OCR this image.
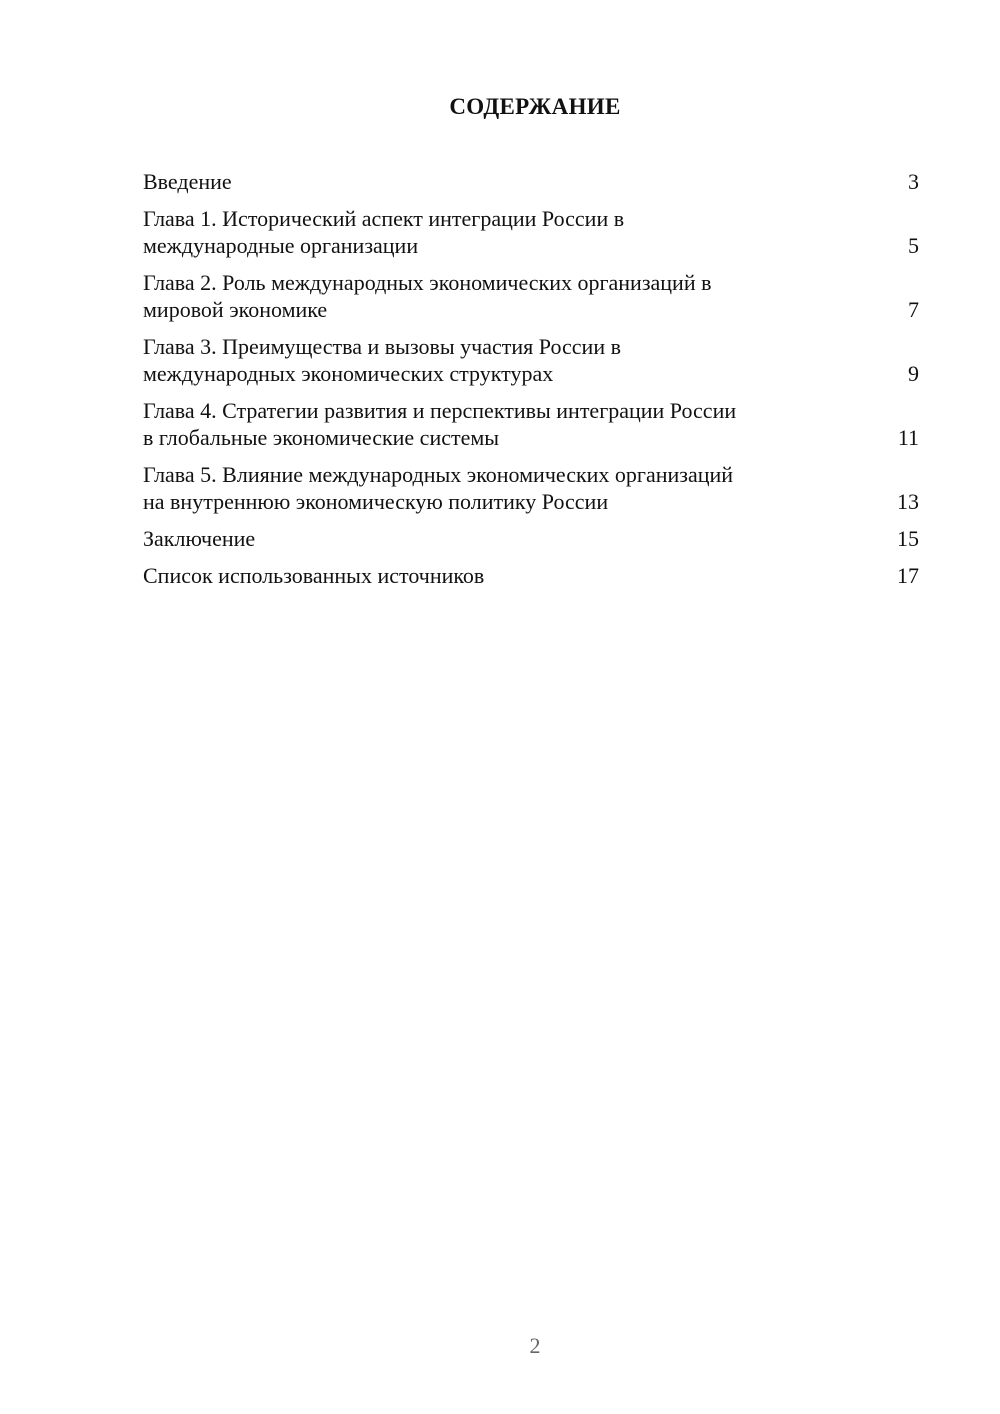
СОДЕРЖАНИЕ
Введение	3
Глава 1. Исторический аспект интеграции России в
международные организации	5
Глава 2. Роль международных экономических организаций в
мировой экономике	7
Глава 3. Преимущества и вызовы участия России в
международных экономических структурах	9
Глава 4. Стратегии развития и перспективы интеграции России
в глобальные экономические системы	11
Глава 5. Влияние международных экономических организаций
на внутреннюю экономическую политику России	13
Заключение	15
Список использованных источников	17
2
